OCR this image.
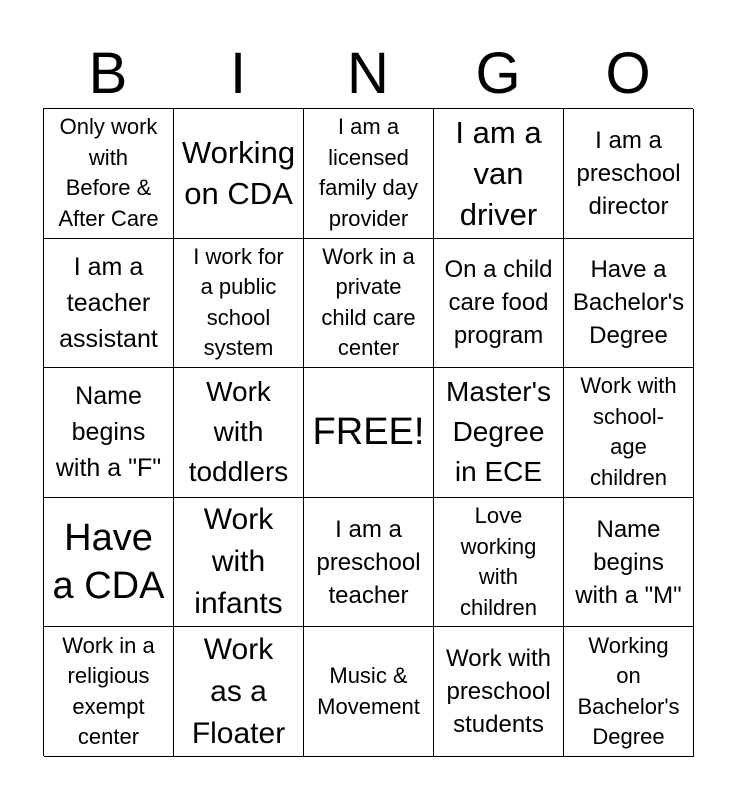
B	I	N	G	O
Only work
with
Before &
After Care
Working
on CDA
I am a
licensed
family day
provider
I am a
van
driver
I am a
preschool
director
I am a
teacher
assistant
I work for
a public
school
system
Work in a
private
child care
center
On a child
care food
program
Have a
Bachelor's
Degree
Name
begins
with a "F"
Work
with
toddlers
FREE!
Master's
Degree
in ECE
Work with
school-
age
children
Have
a CDA
Work
with
infants
I am a
preschool
teacher
Love
working
with
children
Name
begins
with a "M"
Work in a
religious
exempt
center
Work
as a
Floater
Music &
Movement
Work with
preschool
students
Working
on
Bachelor's
Degree
